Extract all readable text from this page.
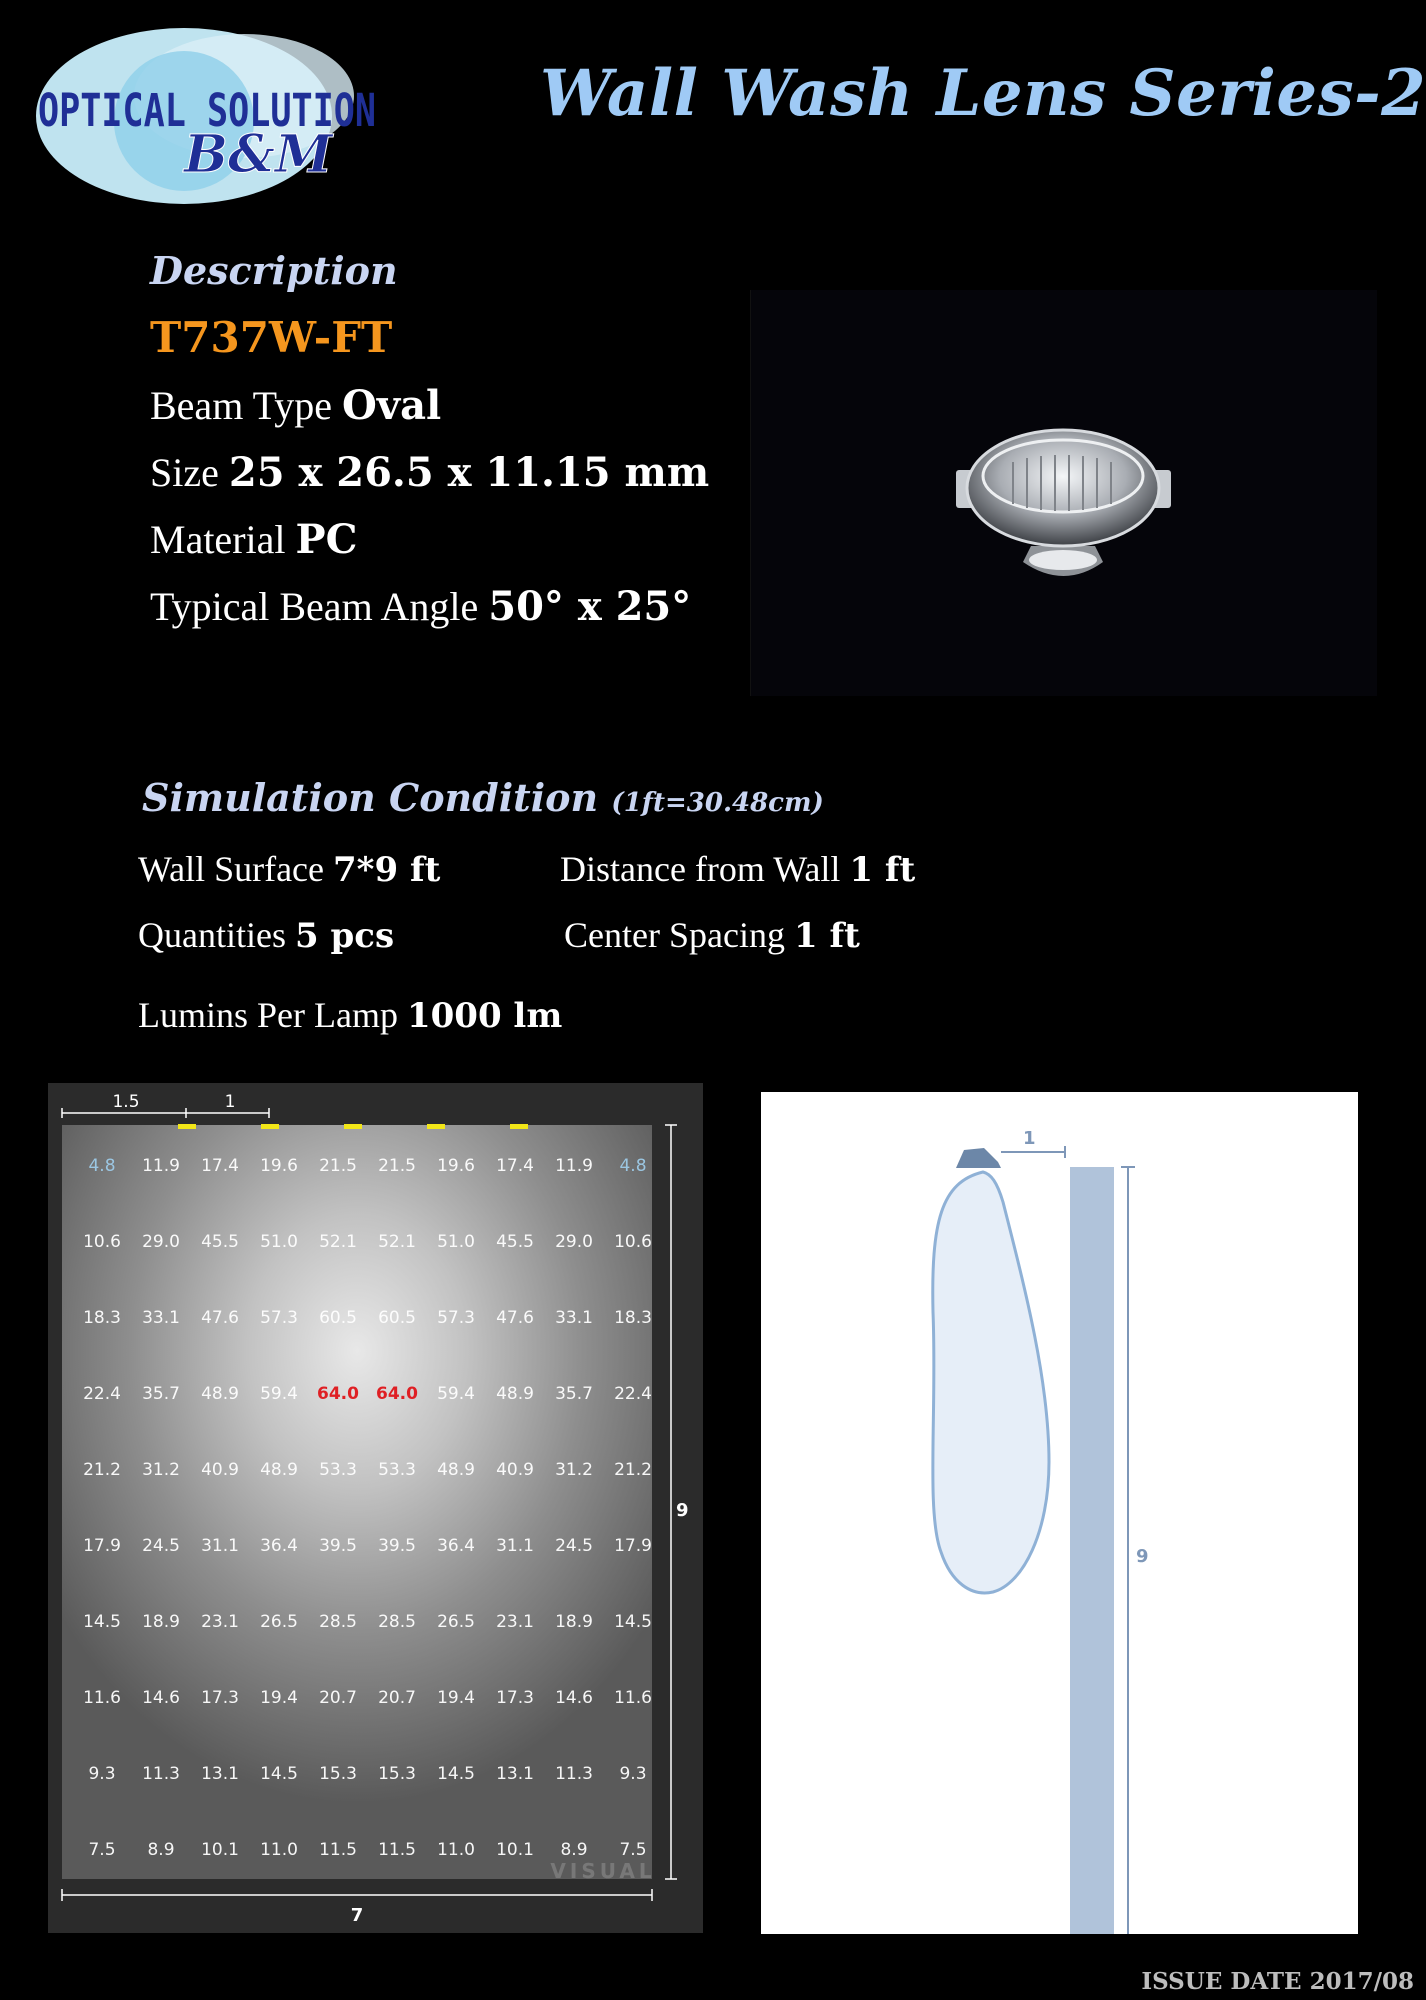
OPTICAL SOLUTION
B&M
Wall Wash Lens Series-2
Description
T737W-FT
Beam Type Oval
Size 25 x 26.5 x 11.15 mm
Material PC
Typical Beam Angle 50° x 25°
Simulation Condition (1ft=30.48cm)
Wall Surface 7*9 ft	Distance from Wall 1 ft
Quantities 5 pcs	Center Spacing 1 ft
Lumins Per Lamp 1000 lm
4.8 11.9 17.4 19.6 21.5 21.5 19.6 17.4 11.9 4.8
10.6 29.0 45.5 51.0 52.1 52.1 51.0 45.5 29.0 10.6
18.3 33.1 47.6 57.3 60.5 60.5 57.3 47.6 33.1 18.3
22.4 35.7 48.9 59.4 64.0 64.0 59.4 48.9 35.7 22.4
21.2 31.2 40.9 48.9 53.3 53.3 48.9 40.9 31.2 21.2
17.9 24.5 31.1 36.4 39.5 39.5 36.4 31.1 24.5 17.9
14.5 18.9 23.1 26.5 28.5 28.5 26.5 23.1 18.9 14.5
11.6 14.6 17.3 19.4 20.7 20.7 19.4 17.3 14.6 11.6
9.3 11.3 13.1 14.5 15.3 15.3 14.5 13.1 11.3 9.3
7.5 8.9 10.1 11.0 11.5 11.5 11.0 10.1 8.9 7.5
VISUAL
1.5	1
9
7
9
1
ISSUE DATE 2017/08
